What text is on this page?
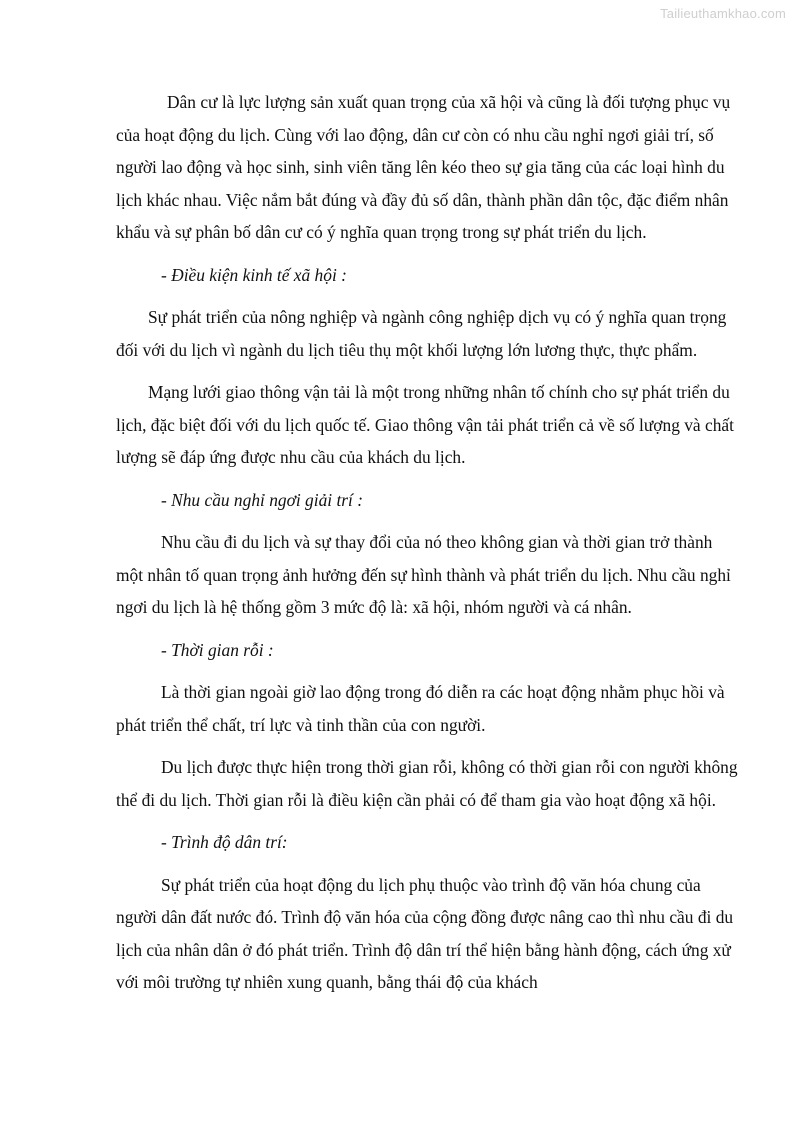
Tailieuthamkhao.com

Dân cư là lực lượng sản xuất quan trọng của xã hội và cũng là đối tượng phục vụ của hoạt động du lịch. Cùng với lao động, dân cư còn có nhu cầu nghỉ ngơi giải trí, số người lao động và học sinh, sinh viên tăng lên kéo theo sự gia tăng của các loại hình du lịch khác nhau. Việc nắm bắt đúng và đầy đủ số dân, thành phần dân tộc, đặc điểm nhân khẩu và sự phân bố dân cư có ý nghĩa quan trọng trong sự phát triển du lịch.

- Điều kiện kinh tế xã hội :

Sự phát triển của nông nghiệp và ngành công nghiệp dịch vụ có ý nghĩa quan trọng đối với du lịch vì ngành du lịch tiêu thụ một khối lượng lớn lương thực, thực phẩm.

Mạng lưới giao thông vận tải là một trong những nhân tố chính cho sự phát triển du lịch, đặc biệt đối với du lịch quốc tế. Giao thông vận tải phát triển cả về số lượng và chất lượng sẽ đáp ứng được nhu cầu của khách du lịch.

- Nhu cầu nghỉ ngơi giải trí :

Nhu cầu đi du lịch và sự thay đổi của nó theo không gian và thời gian trở thành một nhân tố quan trọng ảnh hưởng đến sự hình thành và phát triển du lịch. Nhu cầu nghỉ ngơi du lịch là hệ thống gồm 3 mức độ là: xã hội, nhóm người và cá nhân.

- Thời gian rỗi :

Là thời gian ngoài giờ lao động trong đó diễn ra các hoạt động nhằm phục hồi và phát triển thể chất, trí lực và tinh thần của con người.

Du lịch được thực hiện trong thời gian rỗi, không có thời gian rỗi con người không thể đi du lịch. Thời gian rỗi là điều kiện cần phải có để tham gia vào hoạt động xã hội.

- Trình độ dân trí:

Sự phát triển của hoạt động du lịch phụ thuộc vào trình độ văn hóa chung của người dân đất nước đó. Trình độ văn hóa của cộng đồng được nâng cao thì nhu cầu đi du lịch của nhân dân ở đó phát triển. Trình độ dân trí thể hiện bằng hành động, cách ứng xử với môi trường tự nhiên xung quanh, bằng thái độ của khách
